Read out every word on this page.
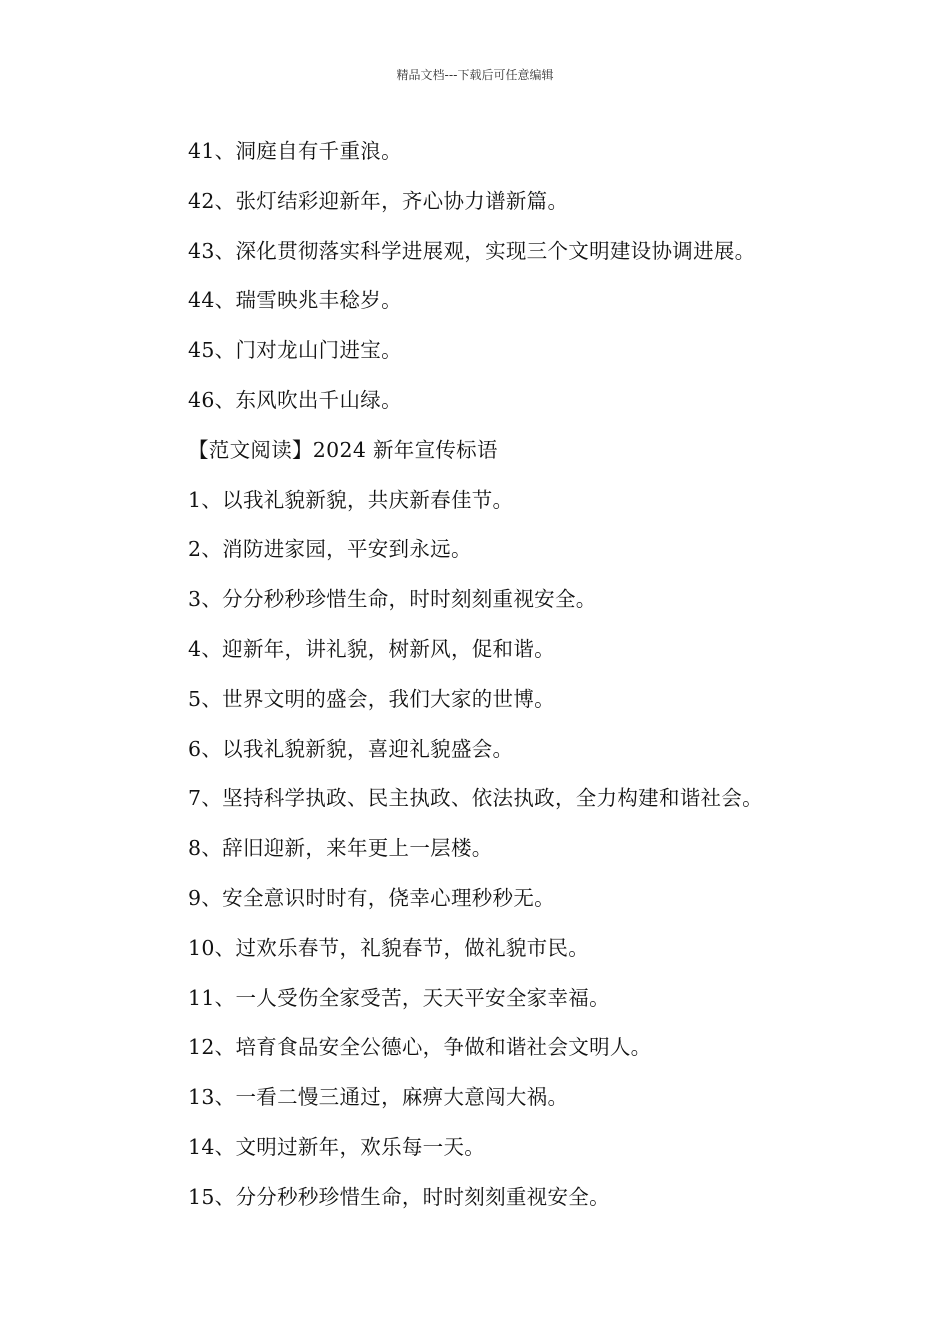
精品文档---下载后可任意编辑
41、洞庭自有千重浪。
42、张灯结彩迎新年，齐心协力谱新篇。
43、深化贯彻落实科学进展观，实现三个文明建设协调进展。
44、瑞雪映兆丰稔岁。
45、门对龙山门进宝。
46、东风吹出千山绿。
【范文阅读】2024 新年宣传标语
1、以我礼貌新貌，共庆新春佳节。
2、消防进家园，平安到永远。
3、分分秒秒珍惜生命，时时刻刻重视安全。
4、迎新年，讲礼貌，树新风，促和谐。
5、世界文明的盛会，我们大家的世博。
6、以我礼貌新貌，喜迎礼貌盛会。
7、坚持科学执政、民主执政、依法执政，全力构建和谐社会。
8、辞旧迎新，来年更上一层楼。
9、安全意识时时有，侥幸心理秒秒无。
10、过欢乐春节，礼貌春节，做礼貌市民。
11、一人受伤全家受苦，天天平安全家幸福。
12、培育食品安全公德心，争做和谐社会文明人。
13、一看二慢三通过，麻痹大意闯大祸。
14、文明过新年，欢乐每一天。
15、分分秒秒珍惜生命，时时刻刻重视安全。
